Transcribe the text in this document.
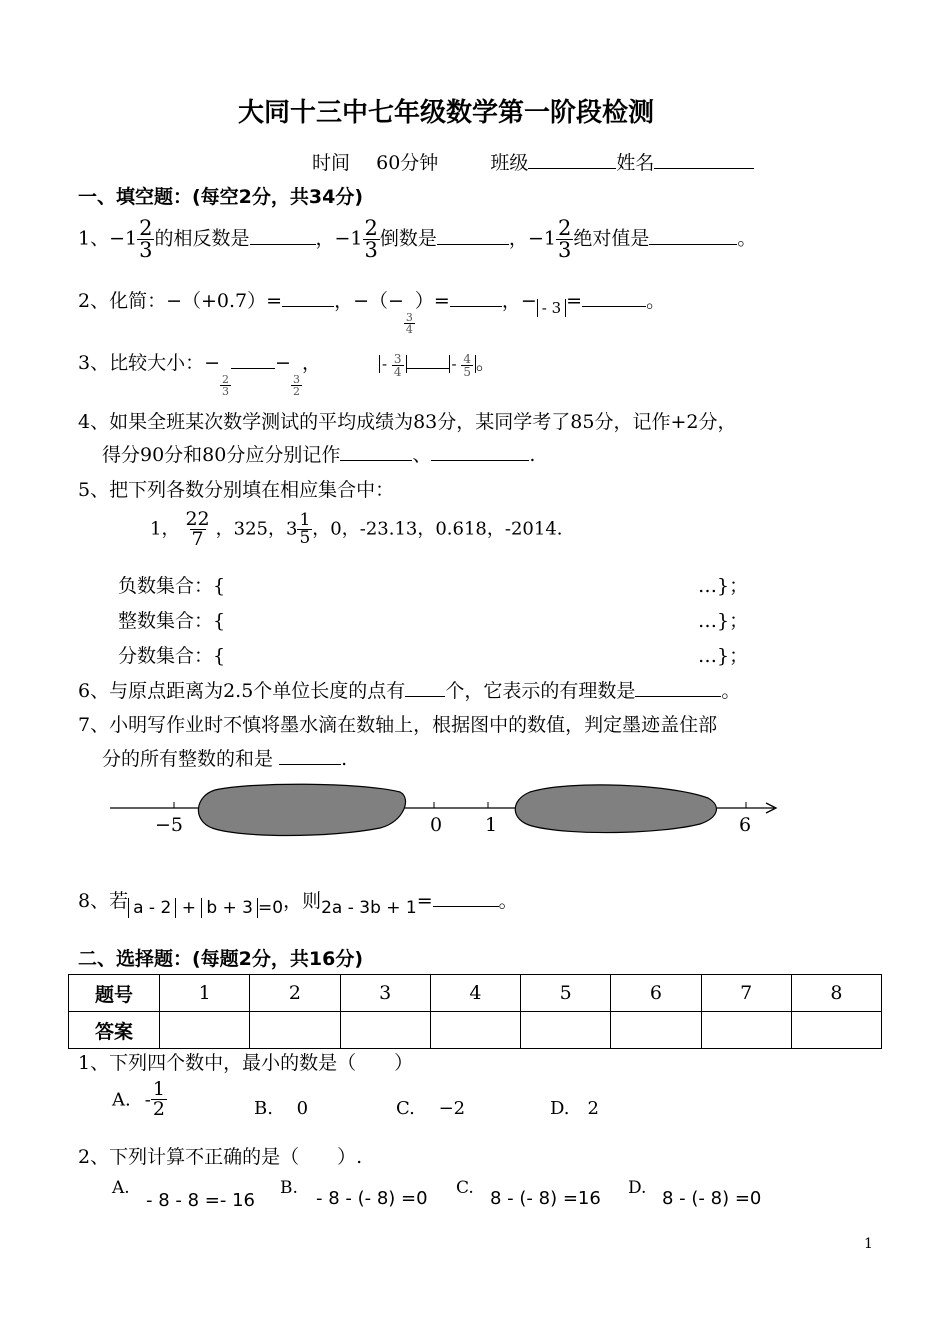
大同十三中七年级数学第一阶段检测
时间 60分钟	班级	姓名
一、填空题：(每空2分，共34分)
1、$-1 \frac{2}{3}$ 的相反数是	，$-1 \frac{2}{3}$ 倒数是	，$-1 \frac{2}{3}$ 绝对值是	。
2、化简：−（+0.7）=	，−（−
$\frac{3}{4}$
）=	，− $_{- 3}$ =	。
3、比较大小：−
$\frac{2}{3}$
−
$\frac{3}{2}$
，	- $\frac{3}{4}$	- $\frac{4}{5}$ 。
4、如果全班某次数学测试的平均成绩为83分，某同学考了85分，记作+2分，
得分90分和80分应分别记作	、	.
5、把下列各数分别填在相应集合中：
1， $\frac{22}{7}$ ，325，$3 \frac{1}{5}$ ，0，-23.13，0.618，-2014.
负数集合：{	…}；
整数集合：{	…}；
分数集合：{	…}；
6、与原点距离为2.5个单位长度的点有 个，它表示的有理数是	。
7、小明写作业时不慎将墨水滴在数轴上，根据图中的数值，判定墨迹盖住部
分的所有整数的和是	.
−5	0 1	6
8、若 a - 2 + b + 3 =0，则2a - 3b + 1=	。
二、选择题：(每题2分，共16分)
题号	1	2	3	4	5	6	7	8
答案								
1、下列四个数中，最小的数是（　　）
A. - $\frac{1}{2}$	B.　 0	C.　 −2	D.　2
2、下列计算不正确的是（　　）.
A.
- 8 - 8 =- 16
B. - 8 - (- 8) =0 C. 8 - (- 8) =16 D. 8 - (- 8) =0
1
